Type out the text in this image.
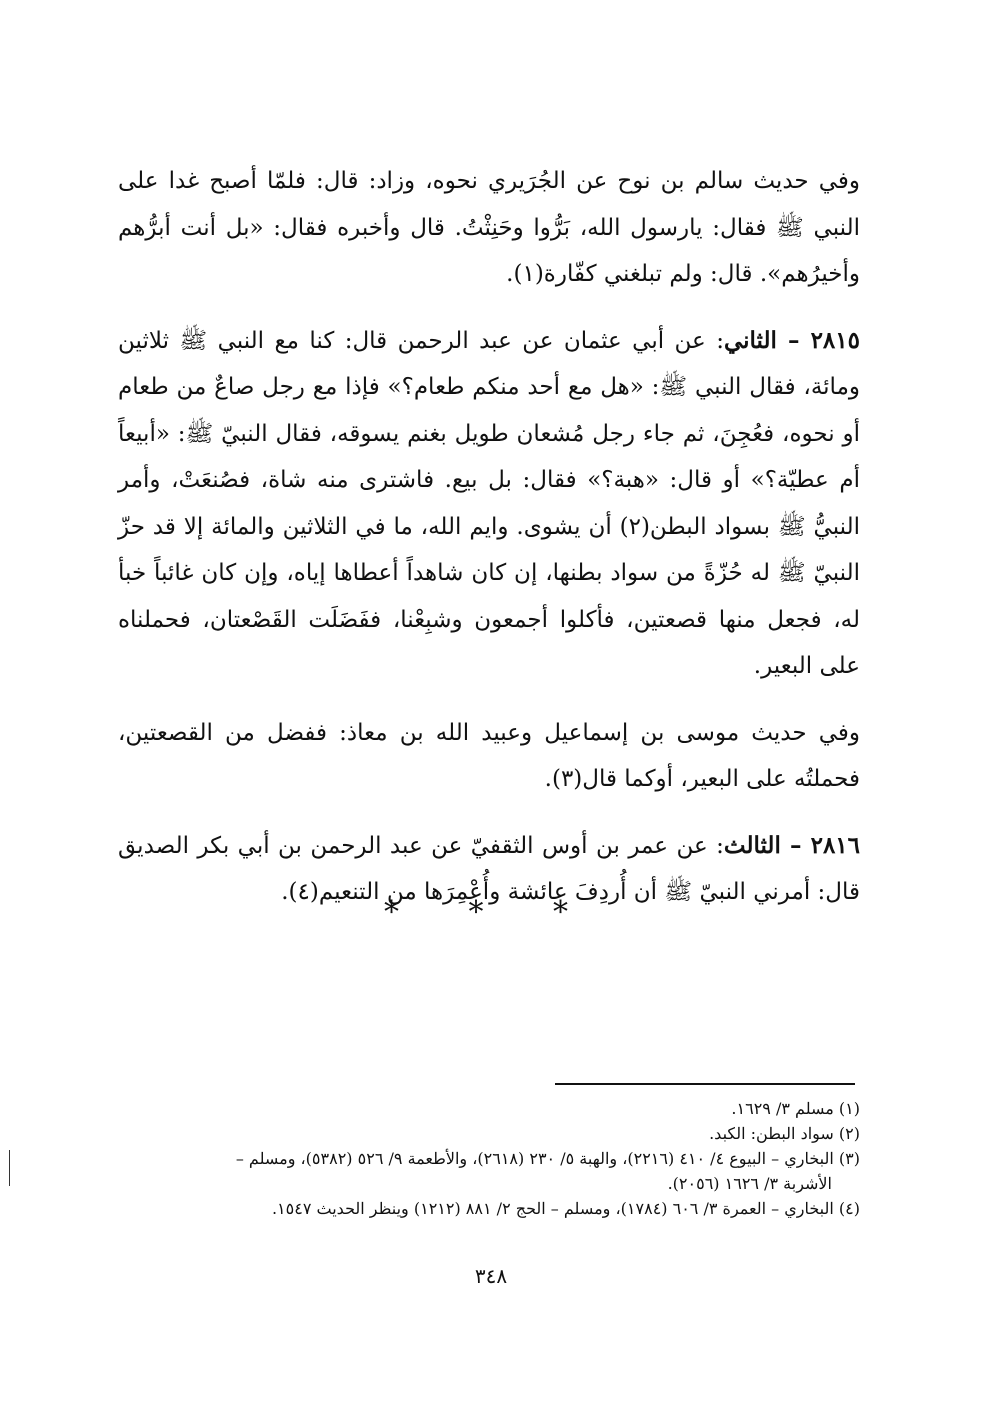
وفي حديث سالم بن نوح عن الجُرَيري نحوه، وزاد: قال: فلمّا أصبح غدا على النبي ﷺ فقال: يارسول الله، بَرُّوا وحَنِثْتُ. قال وأخبره فقال: «بل أنت أبرُّهم وأخيرُهم». قال: ولم تبلغني كفّارة(١).

٢٨١٥ – الثاني: عن أبي عثمان عن عبد الرحمن قال: كنا مع النبي ﷺ ثلاثين ومائة، فقال النبي ﷺ: «هل مع أحد منكم طعام؟» فإذا مع رجل صاعٌ من طعام أو نحوه، فعُجِنَ، ثم جاء رجل مُشعان طويل بغنم يسوقه، فقال النبيّ ﷺ: «أبيعاً أم عطيّة؟» أو قال: «هبة؟» فقال: بل بيع. فاشترى منه شاة، فصُنعَتْ، وأمر النبيُّ ﷺ بسواد البطن(٢) أن يشوى. وايم الله، ما في الثلاثين والمائة إلا قد حزّ النبيّ ﷺ له حُزّةً من سواد بطنها، إن كان شاهداً أعطاها إياه، وإن كان غائباً خبأ له، فجعل منها قصعتين، فأكلوا أجمعون وشبِعْنا، ففَضَلَت القَصْعتان، فحملناه على البعير.

وفي حديث موسى بن إسماعيل وعبيد الله بن معاذ: ففضل من القصعتين، فحملتُه على البعير، أوكما قال(٣).

٢٨١٦ – الثالث: عن عمر بن أوس الثقفيّ عن عبد الرحمن بن أبي بكر الصديق قال: أمرني النبيّ ﷺ أن أُردِفَ عائشة وأُعْمِرَها من التنعيم(٤).

* * *
(١) مسلم ٣/ ١٦٢٩.
(٢) سواد البطن: الكبد.
(٣) البخاري – البيوع ٤/ ٤١٠ (٢٢١٦)، والهبة ٥/ ٢٣٠ (٢٦١٨)، والأطعمة ٩/ ٥٢٦ (٥٣٨٢)، ومسلم –
الأشربة ٣/ ١٦٢٦ (٢٠٥٦).
(٤) البخاري – العمرة ٣/ ٦٠٦ (١٧٨٤)، ومسلم – الحج ٢/ ٨٨١ (١٢١٢) وينظر الحديث ١٥٤٧.
٣٤٨
